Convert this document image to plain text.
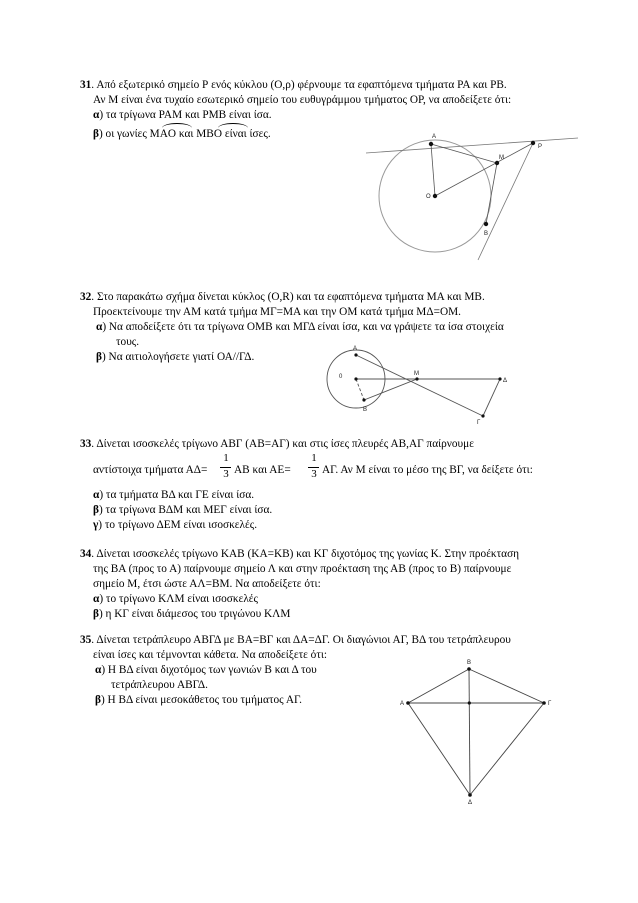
31. Από εξωτερικό σημείο Ρ ενός κύκλου (O,ρ) φέρνουμε τα εφαπτόμενα τμήματα ΡΑ και ΡΒ.
Αν Μ είναι ένα τυχαίο εσωτερικό σημείο του ευθυγράμμου τμήματος ΟΡ, να αποδείξετε ότι:
α) τα τρίγωνα ΡΑΜ και ΡΜΒ είναι ίσα.
β) οι γωνίες MAO και MBO είναι ίσες.	A
M
P
O
B
32. Στο παρακάτω σχήμα δίνεται κύκλος (O,R) και τα εφαπτόμενα τμήματα ΜΑ και ΜΒ.
Προεκτείνουμε την ΑΜ κατά τμήμα ΜΓ=ΜΑ και την ΟΜ κατά τμήμα ΜΔ=ΟΜ.
α) Να αποδείξετε ότι τα τρίγωνα ΟΜΒ και ΜΓΔ είναι ίσα, και να γράψετε τα ίσα στοιχεία
τους.
β) Να αιτιολογήσετε γιατί ΟΑ//ΓΔ.
A
0	M
Δ
B
Γ
33. Δίνεται ισοσκελές τρίγωνο ΑΒΓ (ΑΒ=ΑΓ) και στις ίσες πλευρές ΑΒ,ΑΓ παίρνουμε
αντίστοιχα τμήματα ΑΔ=
1
3 ΑΒ και ΑΕ=
1
3 ΑΓ. Αν Μ είναι το μέσο της ΒΓ, να δείξετε ότι:
α) τα τμήματα ΒΔ και ΓΕ είναι ίσα.
β) τα τρίγωνα ΒΔΜ και ΜΕΓ είναι ίσα.
γ) το τρίγωνο ΔΕΜ είναι ισοσκελές.
34. Δίνεται ισοσκελές τρίγωνο ΚΑΒ (ΚΑ=ΚΒ) και ΚΓ διχοτόμος της γωνίας Κ. Στην προέκταση
της ΒΑ (προς το Α) παίρνουμε σημείο Λ και στην προέκταση της ΑΒ (προς το Β) παίρνουμε
σημείο Μ, έτσι ώστε ΑΛ=ΒΜ. Να αποδείξετε ότι:
α) το τρίγωνο ΚΛΜ είναι ισοσκελές
β) η ΚΓ είναι διάμεσος του τριγώνου ΚΛΜ
35. Δίνεται τετράπλευρο ΑΒΓΔ με ΒΑ=ΒΓ και ΔΑ=ΔΓ. Οι διαγώνιοι ΑΓ, ΒΔ του τετράπλευρου
είναι ίσες και τέμνονται κάθετα. Να αποδείξετε ότι:
α) Η ΒΔ είναι διχοτόμος των γωνιών Β και Δ του
τετράπλευρου ΑΒΓΔ.
β) Η ΒΔ είναι μεσοκάθετος του τμήματος ΑΓ.
B
A	Γ
Δ
